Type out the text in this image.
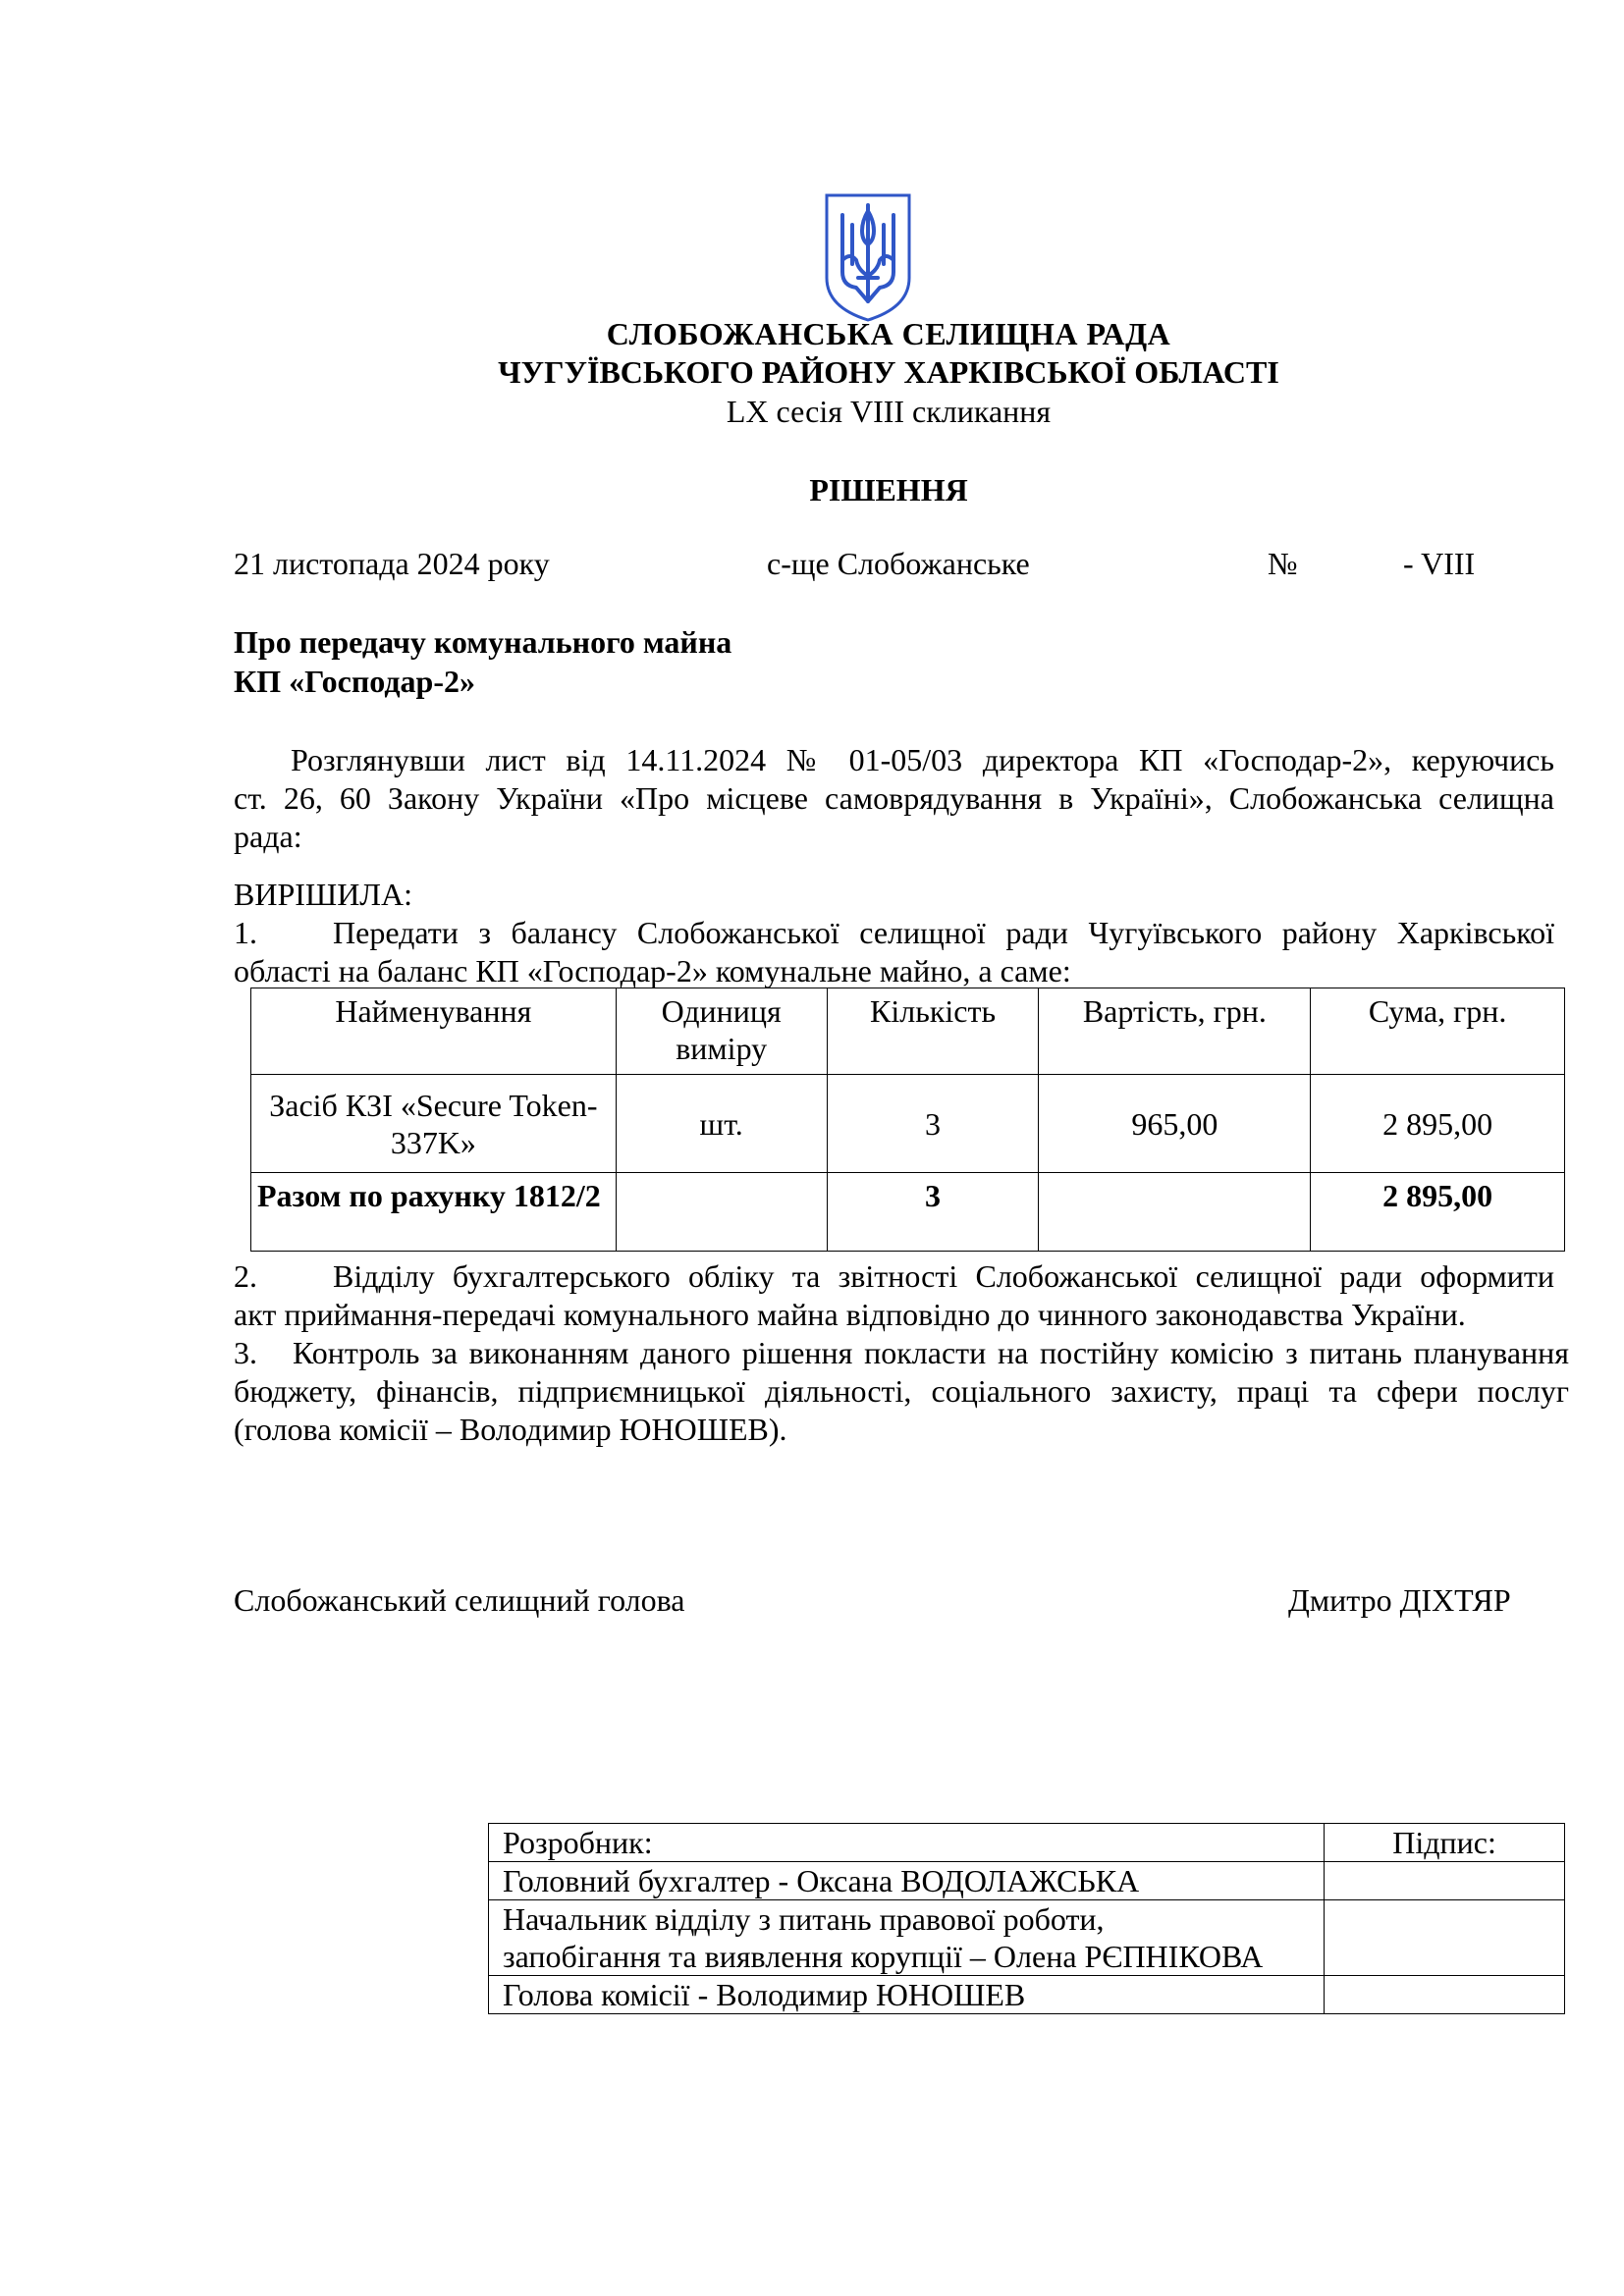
СЛОБОЖАНСЬКА СЕЛИЩНА РАДА
ЧУГУЇВСЬКОГО РАЙОНУ ХАРКІВСЬКОЇ ОБЛАСТІ
LX сесія VIII скликання
РІШЕННЯ
21 листопада 2024 року	с-ще Слобожанське	№	- VIII
Про передачу комунального майна
КП «Господар-2»
Розглянувши лист від 14.11.2024 № 01-05/03 директора КП «Господар-2», керуючись
ст. 26, 60 Закону України «Про місцеве самоврядування в Україні», Слобожанська селищна
рада:
ВИРІШИЛА:
1. Передати з балансу Слобожанської селищної ради Чугуївського району Харківської
області на баланс КП «Господар-2» комунальне майно, а саме:
Найменування	Одиниця виміру	Кількість	Вартість, грн.	Сума, грн.
Засіб КЗІ «Secure Token-337K»	шт.	3	965,00	2 895,00
Разом по рахунку 1812/2		3		2 895,00
2. Відділу бухгалтерського обліку та звітності Слобожанської селищної ради оформити
акт приймання-передачі комунального майна відповідно до чинного законодавства України.
3. Контроль за виконанням даного рішення покласти на постійну комісію з питань планування
бюджету, фінансів, підприємницької діяльності, соціального захисту, праці та сфери послуг
(голова комісії – Володимир ЮНОШЕВ).
Слобожанський селищний голова	Дмитро ДІХТЯР
Розробник:	Підпис:
Головний бухгалтер - Оксана ВОДОЛАЖСЬКА	

Начальник відділу з питань правової роботи,
запобігання та виявлення корупції – Олена РЄПНІКОВА	

Голова комісії - Володимир ЮНОШЕВ	
